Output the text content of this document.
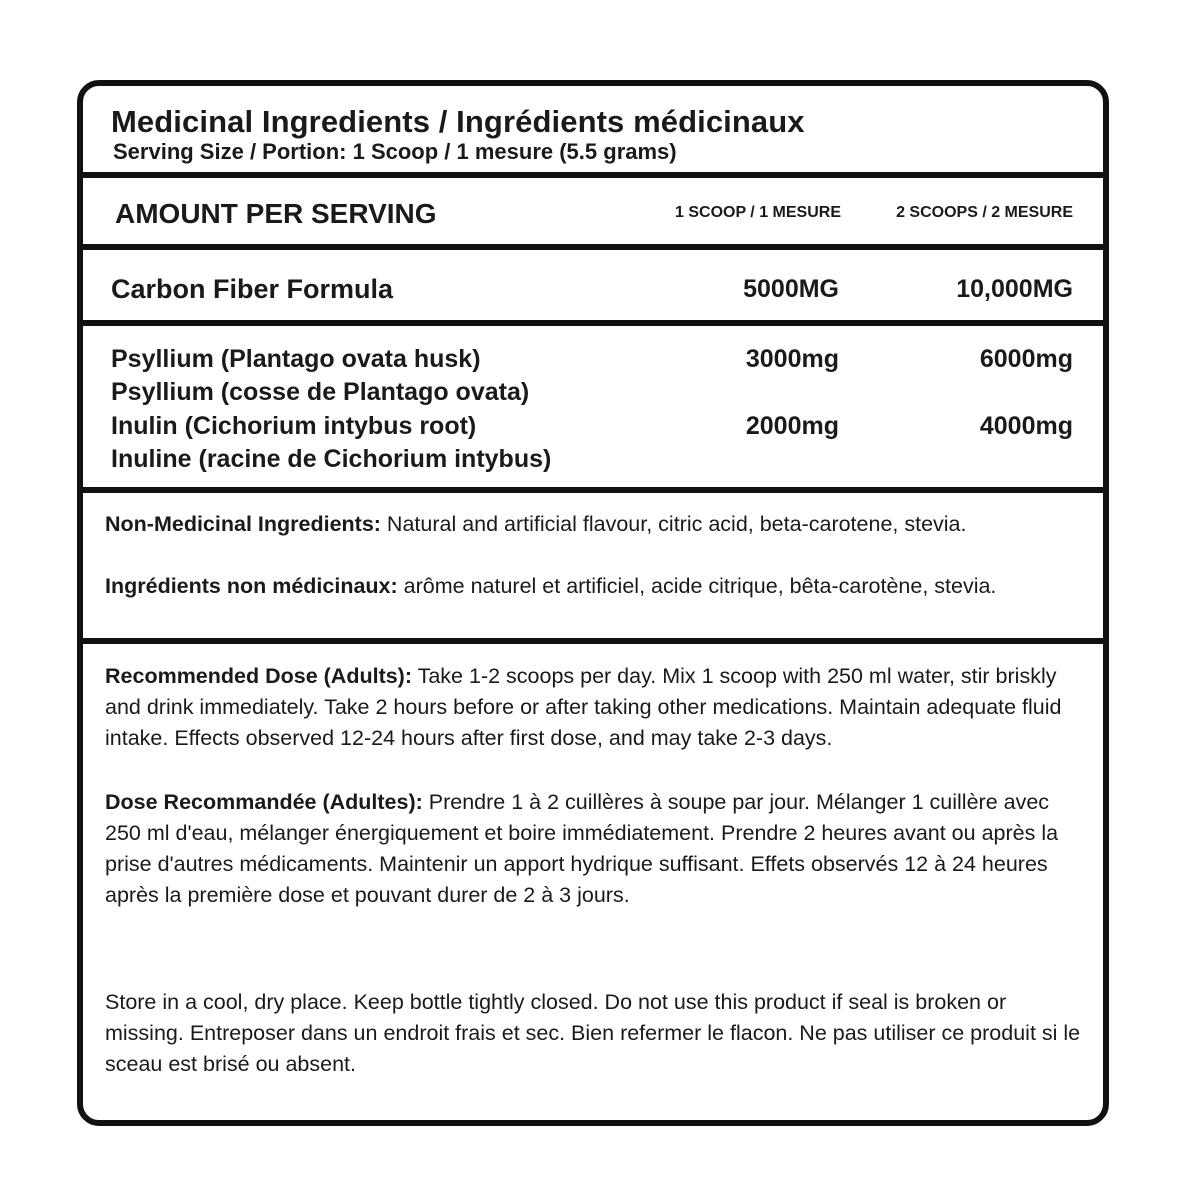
Medicinal Ingredients / Ingrédients médicinaux
Serving Size / Portion: 1 Scoop / 1 mesure (5.5 grams)
AMOUNT PER SERVING	1 SCOOP / 1 MESURE	2 SCOOPS / 2 MESURE
Carbon Fiber Formula	5000MG	10,000MG
Psyllium (Plantago ovata husk)
Psyllium (cosse de Plantago ovata)
3000mg	6000mg
Inulin (Cichorium intybus root)
Inuline (racine de Cichorium intybus)
2000mg	4000mg

Non-Medicinal Ingredients: Natural and artificial flavour, citric acid, beta-carotene, stevia.

Ingrédients non médicinaux: arôme naturel et artificiel, acide citrique, bêta-carotène, stevia.

Recommended Dose (Adults): Take 1-2 scoops per day. Mix 1 scoop with 250 ml water, stir briskly and drink immediately. Take 2 hours before or after taking other medications. Maintain adequate fluid intake. Effects observed 12-24 hours after first dose, and may take 2-3 days.

Dose Recommandée (Adultes): Prendre 1 à 2 cuillères à soupe par jour. Mélanger 1 cuillère avec 250 ml d'eau, mélanger énergiquement et boire immédiatement. Prendre 2 heures avant ou après la prise d'autres médicaments. Maintenir un apport hydrique suffisant. Effets observés 12 à 24 heures après la première dose et pouvant durer de 2 à 3 jours.

Store in a cool, dry place. Keep bottle tightly closed. Do not use this product if seal is broken or missing. Entreposer dans un endroit frais et sec. Bien refermer le flacon. Ne pas utiliser ce produit si le sceau est brisé ou absent.
